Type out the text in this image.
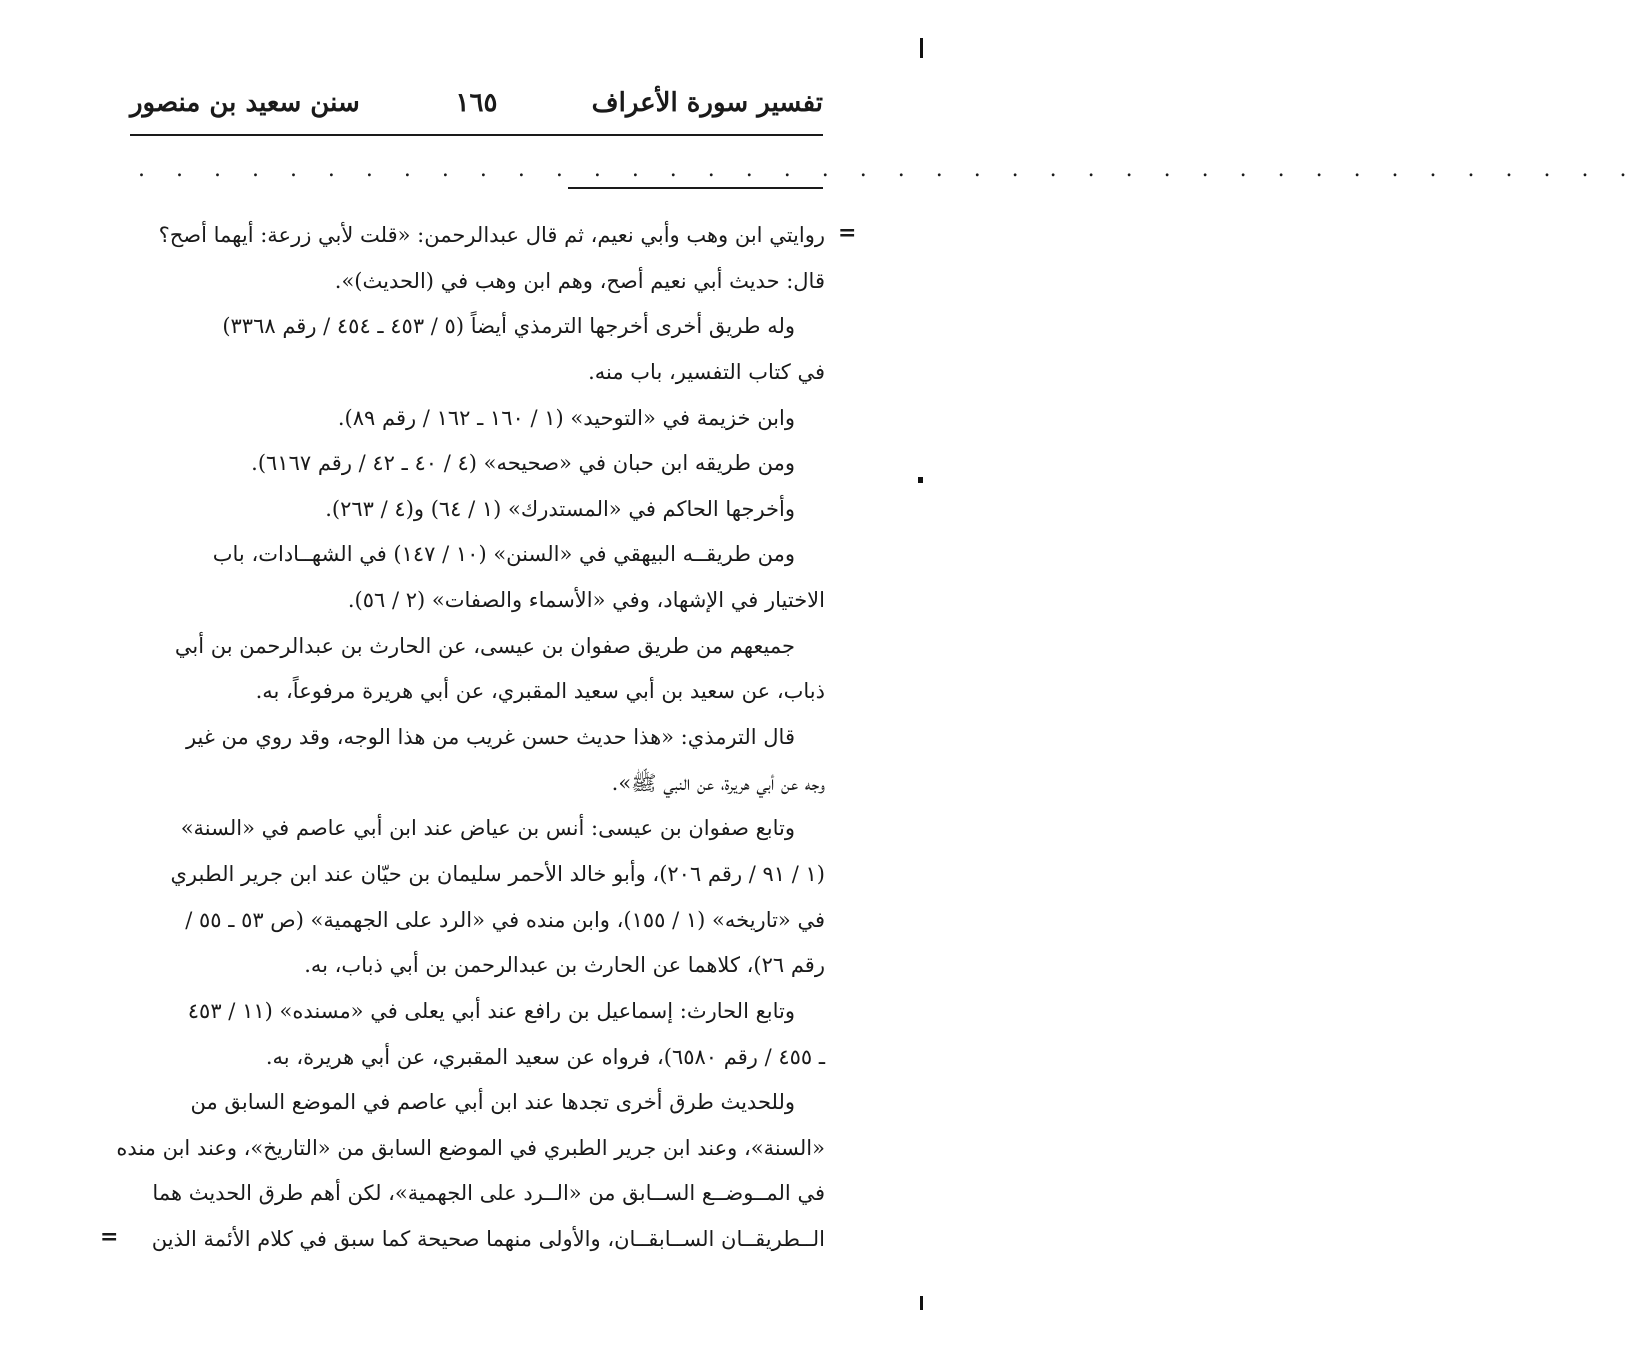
تفسير سورة الأعراف
١٦٥
سنن سعيد بن منصور
. . . . . . . . . . . . . . . . . . . . . . . . . . . . . . . . . . . . . . . .
=
=
روايتي ابن وهب وأبي نعيم، ثم قال عبدالرحمن: «قلت لأبي زرعة: أيهما أصح؟
قال: حديث أبي نعيم أصح، وهم ابن وهب في (الحديث)».
وله طريق أخرى أخرجها الترمذي أيضاً (٥ / ٤٥٣ ـ ٤٥٤ / رقم ٣٣٦٨)
في كتاب التفسير، باب منه.
وابن خزيمة في «التوحيد» (١ / ١٦٠ ـ ١٦٢ / رقم ٨٩).
ومن طريقه ابن حبان في «صحيحه» (٤ / ٤٠ ـ ٤٢ / رقم ٦١٦٧).
وأخرجها الحاكم في «المستدرك» (١ / ٦٤) و(٤ / ٢٦٣).
ومن طريقــه البيهقي في «السنن» (١٠ / ١٤٧) في الشهــادات، باب
الاختيار في الإشهاد، وفي «الأسماء والصفات» (٢ / ٥٦).
جميعهم من طريق صفوان بن عيسى، عن الحارث بن عبدالرحمن بن أبي
ذباب، عن سعيد بن أبي سعيد المقبري، عن أبي هريرة مرفوعاً، به.
قال الترمذي: «هذا حديث حسن غريب من هذا الوجه، وقد روي من غير
وجه عن أبي هريرة، عن النبي ﷺ».
وتابع صفوان بن عيسى: أنس بن عياض عند ابن أبي عاصم في «السنة»
(١ / ٩١ / رقم ٢٠٦)، وأبو خالد الأحمر سليمان بن حيّان عند ابن جرير الطبري
في «تاريخه» (١ / ١٥٥)، وابن منده في «الرد على الجهمية» (ص ٥٣ ـ ٥٥ /
رقم ٢٦)، كلاهما عن الحارث بن عبدالرحمن بن أبي ذباب، به.
وتابع الحارث: إسماعيل بن رافع عند أبي يعلى في «مسنده» (١١ / ٤٥٣
ـ ٤٥٥ / رقم ٦٥٨٠)، فرواه عن سعيد المقبري، عن أبي هريرة، به.
وللحديث طرق أخرى تجدها عند ابن أبي عاصم في الموضع السابق من
«السنة»، وعند ابن جرير الطبري في الموضع السابق من «التاريخ»، وعند ابن منده
في المــوضــع الســابق من «الــرد على الجهمية»، لكن أهم طرق الحديث هما
الــطريقــان الســابقــان، والأولى منهما صحيحة كما سبق في كلام الأئمة الذين
